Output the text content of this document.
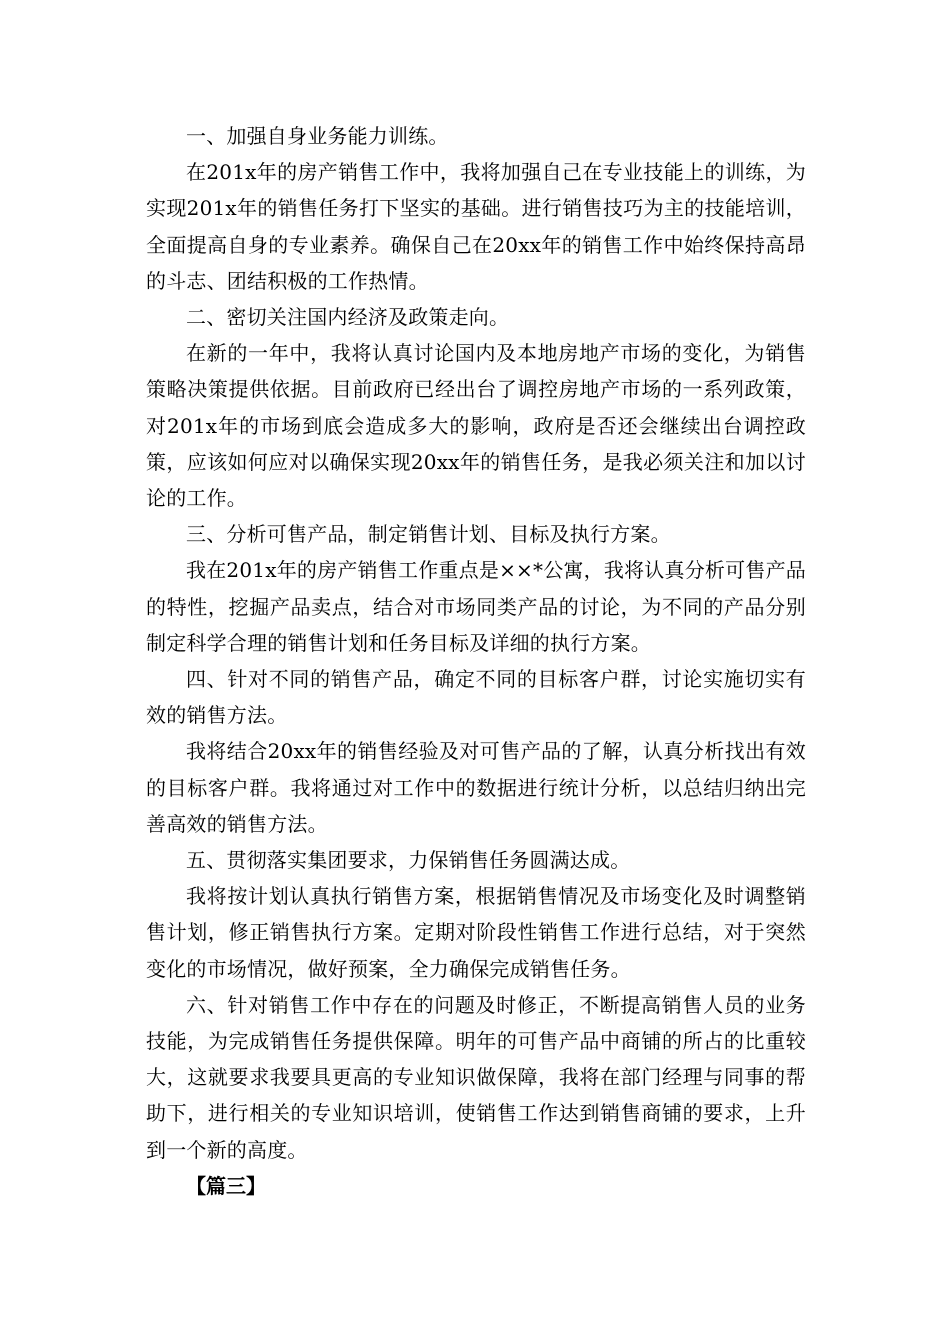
一、加强自身业务能力训练。

在201x年的房产销售工作中，我将加强自己在专业技能上的训练，为实现201x年的销售任务打下坚实的基础。进行销售技巧为主的技能培训，全面提高自身的专业素养。确保自己在20xx年的销售工作中始终保持高昂的斗志、团结积极的工作热情。

二、密切关注国内经济及政策走向。

在新的一年中，我将认真讨论国内及本地房地产市场的变化，为销售策略决策提供依据。目前政府已经出台了调控房地产市场的一系列政策，对201x年的市场到底会造成多大的影响，政府是否还会继续出台调控政策，应该如何应对以确保实现20xx年的销售任务，是我必须关注和加以讨论的工作。

三、分析可售产品，制定销售计划、目标及执行方案。

我在201x年的房产销售工作重点是××*公寓，我将认真分析可售产品的特性，挖掘产品卖点，结合对市场同类产品的讨论，为不同的产品分别制定科学合理的销售计划和任务目标及详细的执行方案。

四、针对不同的销售产品，确定不同的目标客户群，讨论实施切实有效的销售方法。

我将结合20xx年的销售经验及对可售产品的了解，认真分析找出有效的目标客户群。我将通过对工作中的数据进行统计分析，以总结归纳出完善高效的销售方法。

五、贯彻落实集团要求，力保销售任务圆满达成。

我将按计划认真执行销售方案，根据销售情况及市场变化及时调整销售计划，修正销售执行方案。定期对阶段性销售工作进行总结，对于突然变化的市场情况，做好预案，全力确保完成销售任务。

六、针对销售工作中存在的问题及时修正，不断提高销售人员的业务技能，为完成销售任务提供保障。明年的可售产品中商铺的所占的比重较大，这就要求我要具更高的专业知识做保障，我将在部门经理与同事的帮助下，进行相关的专业知识培训，使销售工作达到销售商铺的要求，上升到一个新的高度。

【篇三】
